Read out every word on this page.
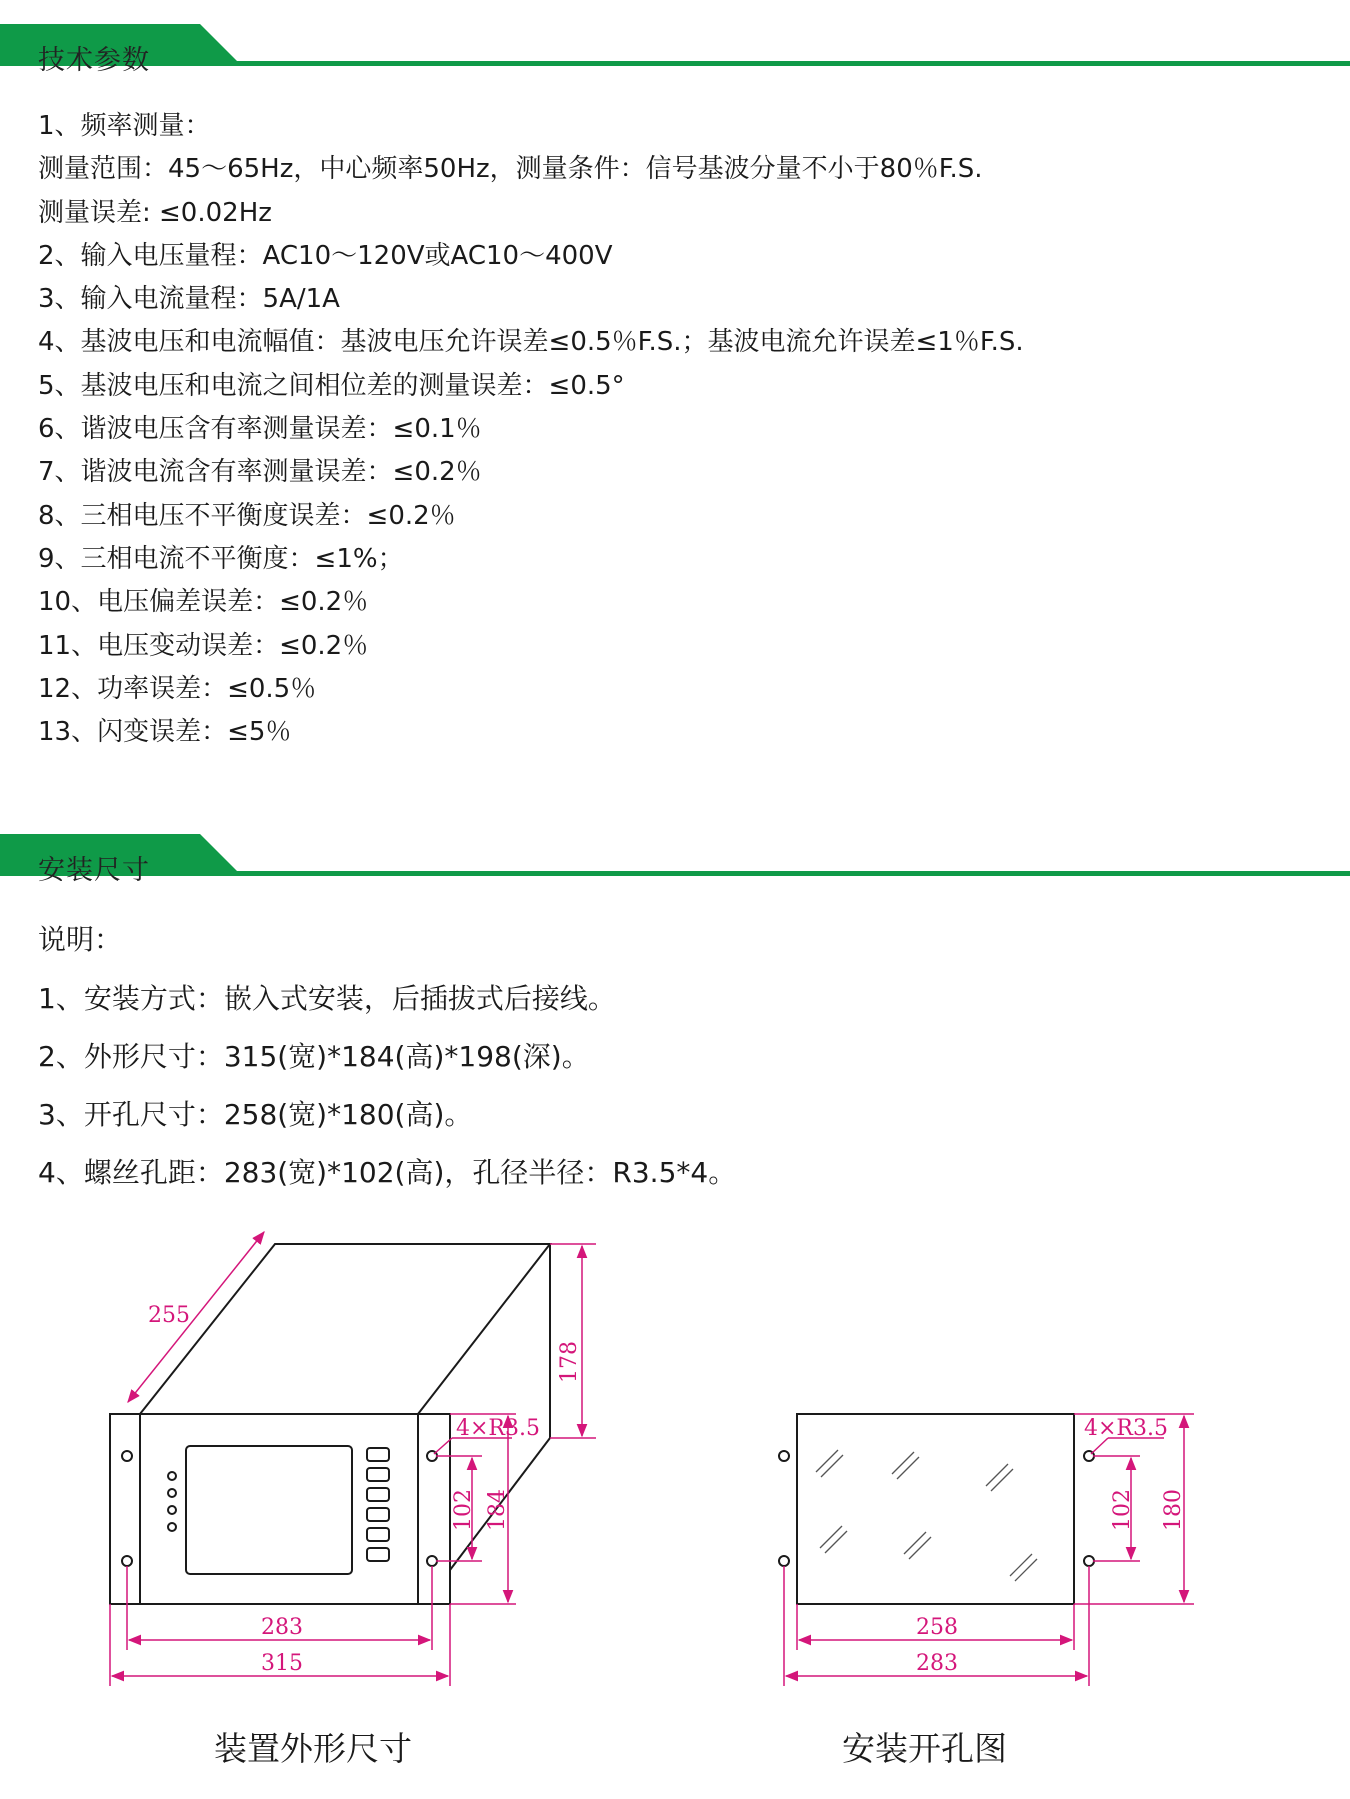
技术参数
1、频率测量：
测量范围：45～65Hz，中心频率50Hz，测量条件：信号基波分量不小于80％F.S.
测量误差: ≤0.02Hz
2、输入电压量程：AC10～120V或AC10～400V
3、输入电流量程：5A/1A
4、基波电压和电流幅值：基波电压允许误差≤0.5％F.S.；基波电流允许误差≤1％F.S.
5、基波电压和电流之间相位差的测量误差：≤0.5°
6、谐波电压含有率测量误差：≤0.1％
7、谐波电流含有率测量误差：≤0.2％
8、三相电压不平衡度误差：≤0.2％
9、三相电流不平衡度：≤1%；
10、电压偏差误差：≤0.2％
11、电压变动误差：≤0.2％
12、功率误差：≤0.5％
13、闪变误差：≤5％
安装尺寸
说明：
1、安装方式：嵌入式安装，后插拔式后接线。
2、外形尺寸：315(宽)*184(高)*198(深)。
3、开孔尺寸：258(宽)*180(高)。
4、螺丝孔距：283(宽)*102(高)，孔径半径：R3.5*4。
255
178
4×R3.5
102 184
283
315
4×R3.5
102 180
258
283
装置外形尺寸	安装开孔图
